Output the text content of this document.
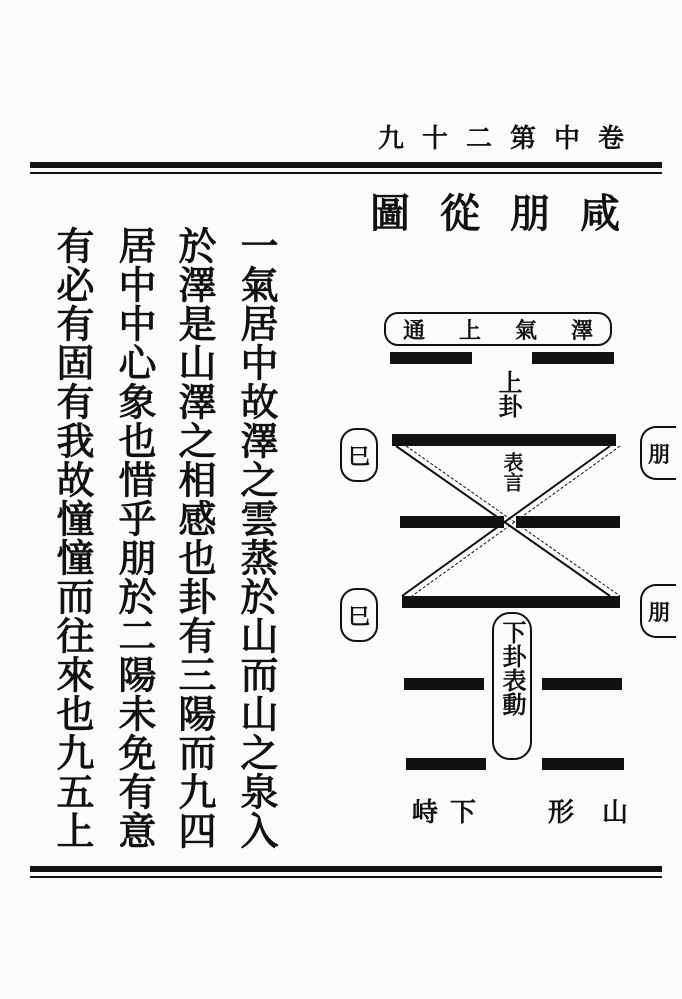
九十二第中卷
圖從朋咸
一氣居中故澤之雲蒸於山而山之泉入
於澤是山澤之相感也卦有三陽而九四
居中中心象也惜乎朋於二陽未免有意
有必有固有我故憧憧而往來也九五上	通 上 氣 澤
上卦
表言
下卦表動
巳
巳
朋
朋
峙下 形山
